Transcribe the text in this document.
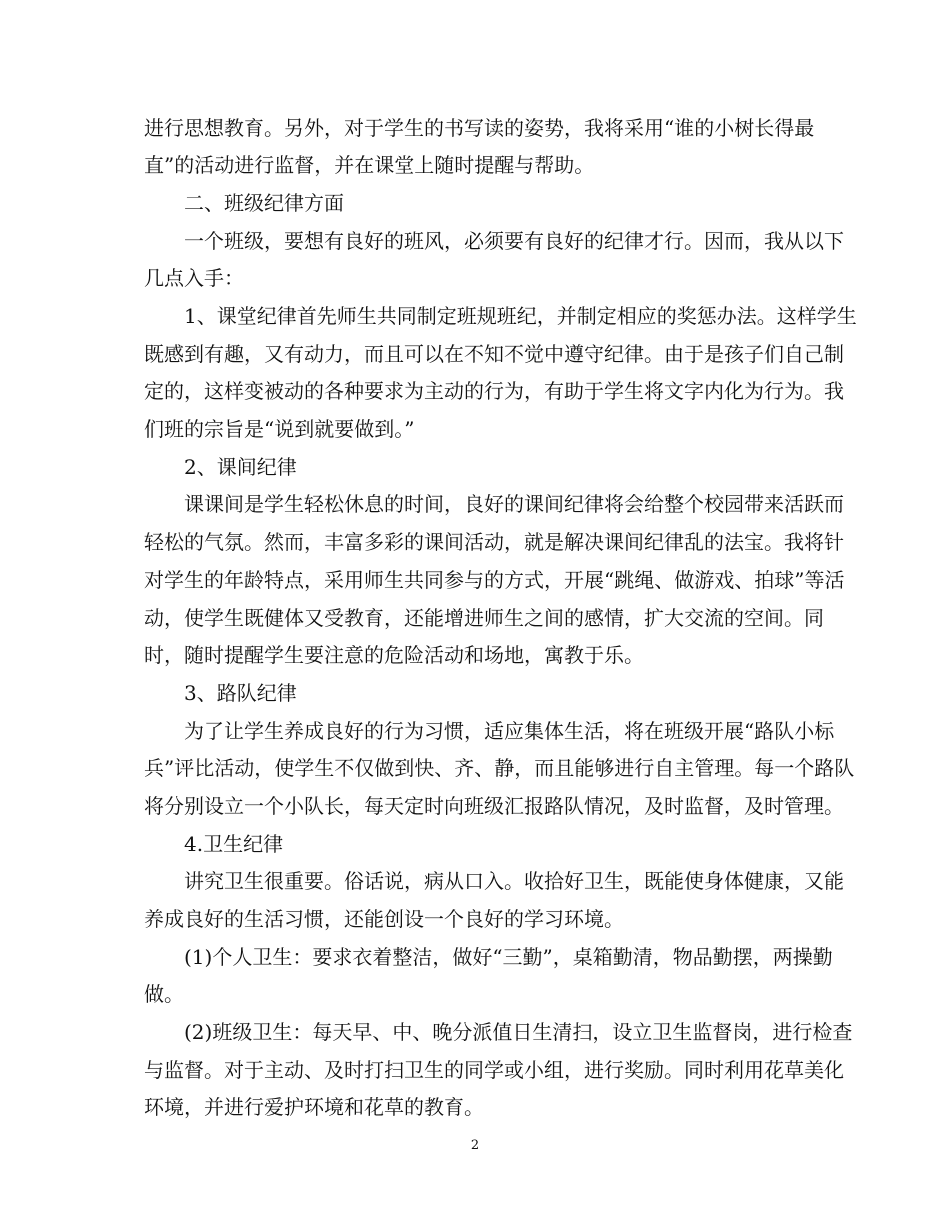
进行思想教育。另外，对于学生的书写读的姿势，我将采用“谁的小树长得最
直”的活动进行监督，并在课堂上随时提醒与帮助。
二、班级纪律方面
一个班级，要想有良好的班风，必须要有良好的纪律才行。因而，我从以下
几点入手：
1、课堂纪律首先师生共同制定班规班纪，并制定相应的奖惩办法。这样学生
既感到有趣，又有动力，而且可以在不知不觉中遵守纪律。由于是孩子们自己制
定的，这样变被动的各种要求为主动的行为，有助于学生将文字内化为行为。我
们班的宗旨是“说到就要做到。”
2、课间纪律
课课间是学生轻松休息的时间，良好的课间纪律将会给整个校园带来活跃而
轻松的气氛。然而，丰富多彩的课间活动，就是解决课间纪律乱的法宝。我将针
对学生的年龄特点，采用师生共同参与的方式，开展“跳绳、做游戏、拍球”等活
动，使学生既健体又受教育，还能增进师生之间的感情，扩大交流的空间。同
时，随时提醒学生要注意的危险活动和场地，寓教于乐。
3、路队纪律
为了让学生养成良好的行为习惯，适应集体生活，将在班级开展“路队小标
兵”评比活动，使学生不仅做到快、齐、静，而且能够进行自主管理。每一个路队
将分别设立一个小队长，每天定时向班级汇报路队情况，及时监督，及时管理。
4.卫生纪律
讲究卫生很重要。俗话说，病从口入。收拾好卫生，既能使身体健康，又能
养成良好的生活习惯，还能创设一个良好的学习环境。
(1)个人卫生：要求衣着整洁，做好“三勤”，桌箱勤清，物品勤摆，两操勤
做。
(2)班级卫生：每天早、中、晚分派值日生清扫，设立卫生监督岗，进行检查
与监督。对于主动、及时打扫卫生的同学或小组，进行奖励。同时利用花草美化
环境，并进行爱护环境和花草的教育。
2
